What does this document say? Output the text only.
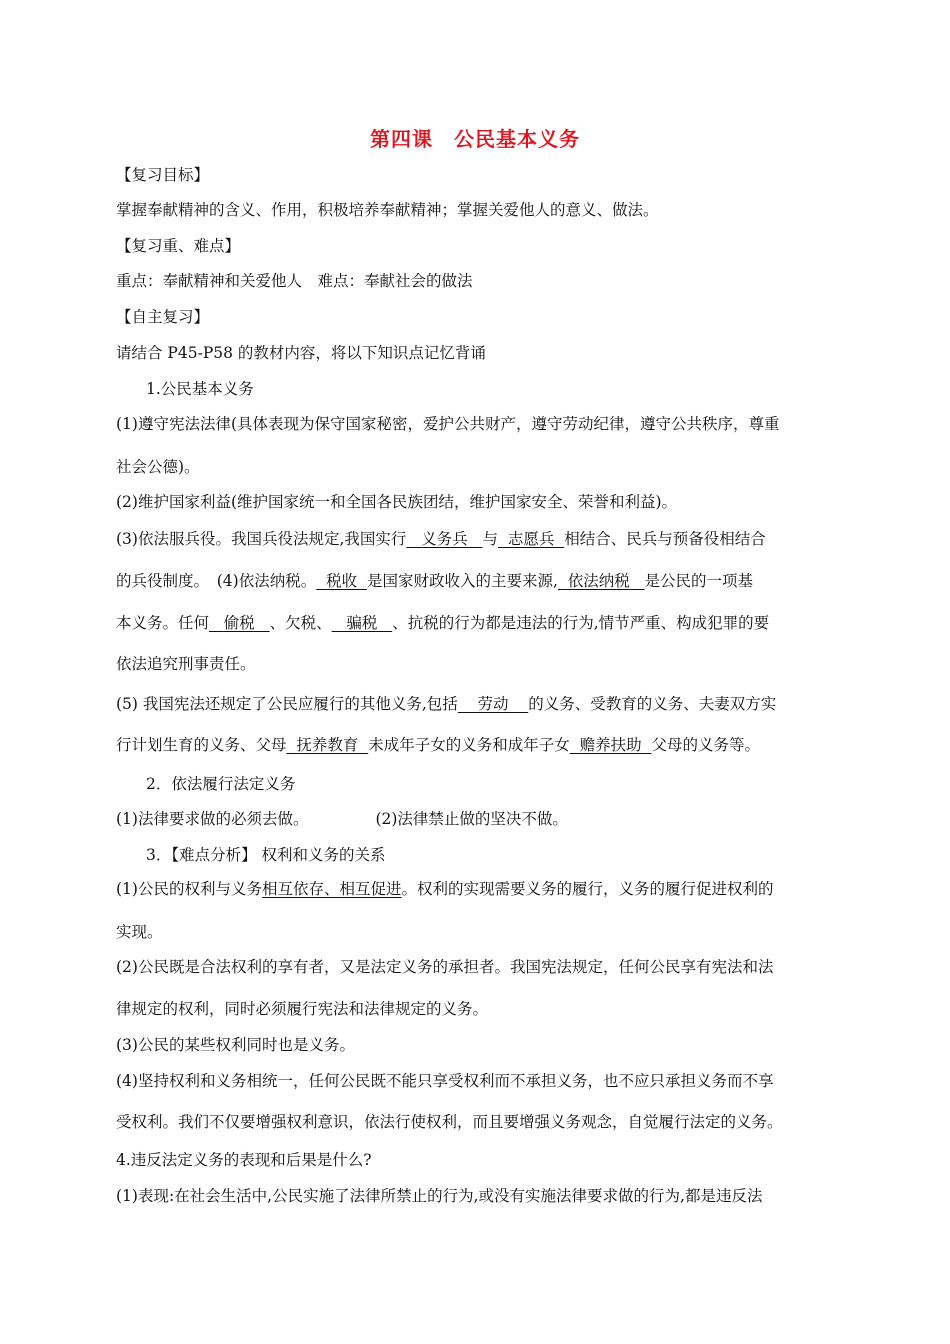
第四课　公民基本义务
【复习目标】
掌握奉献精神的含义、作用，积极培养奉献精神；掌握关爱他人的意义、做法。
【复习重、难点】
重点：奉献精神和关爱他人　难点：奉献社会的做法
【自主复习】
请结合 P45-P58 的教材内容，将以下知识点记忆背诵
1.公民基本义务
(1)遵守宪法法律(具体表现为保守国家秘密，爱护公共财产，遵守劳动纪律，遵守公共秩序，尊重
社会公德)。
(2)维护国家利益(维护国家统一和全国各民族团结，维护国家安全、荣誉和利益)。
(3)依法服兵役。我国兵役法规定,我国实行 义务兵 与 志愿兵 相结合、民兵与预备役相结合
的兵役制度。　(4)依法纳税。 税收 是国家财政收入的主要来源, 依法纳税 是公民的一项基
本义务。任何 偷税 、欠税、 骗税 、抗税的行为都是违法的行为,情节严重、构成犯罪的要
依法追究刑事责任。
(5) 我国宪法还规定了公民应履行的其他义务,包括 劳动 的义务、受教育的义务、夫妻双方实
行计划生育的义务、父母 抚养教育 未成年子女的义务和成年子女 赡养扶助 父母的义务等。
2．依法履行法定义务
(1)法律要求做的必须去做。	(2)法律禁止做的坚决不做。
3．【难点分析】 权利和义务的关系
(1)公民的权利与义务相互依存、相互促进。权利的实现需要义务的履行，义务的履行促进权利的
实现。
(2)公民既是合法权利的享有者，又是法定义务的承担者。我国宪法规定，任何公民享有宪法和法
律规定的权利，同时必须履行宪法和法律规定的义务。
(3)公民的某些权利同时也是义务。
(4)坚持权利和义务相统一，任何公民既不能只享受权利而不承担义务，也不应只承担义务而不享
受权利。我们不仅要增强权利意识，依法行使权利，而且要增强义务观念，自觉履行法定的义务。
4.违反法定义务的表现和后果是什么?
(1)表现:在社会生活中,公民实施了法律所禁止的行为,或没有实施法律要求做的行为,都是违反法
